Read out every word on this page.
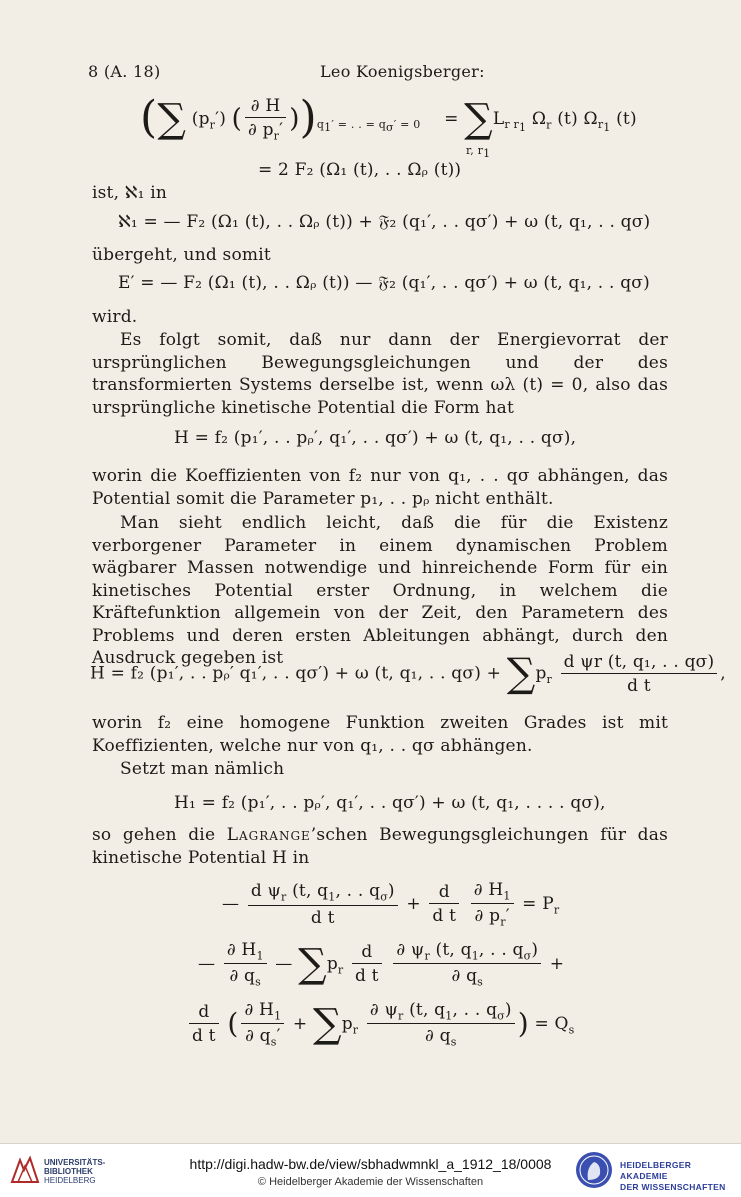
8 (A. 18)	Leo Koenigsberger:
(∑ $(p_r')$ ( $\frac{\partial H}{\partial p_r'} ))_{q_1' = . . = q_\sigma' = 0} = \sum L_{r r_1}$ $\Omega_r$ (t) $\Omega_{r_1}$ (t)
r, $r_1$
= 2 F₂ (Ω₁ (t), . . Ωᵨ (t))
ist, ℵ₁ in
ℵ₁ = — F₂ (Ω₁ (t), . . Ωᵨ (t)) + 𝔉₂ (q₁′, . . qσ′) + ω (t, q₁, . . qσ)
übergeht, und somit
E′ = — F₂ (Ω₁ (t), . . Ωᵨ (t)) — 𝔉₂ (q₁′, . . qσ′) + ω (t, q₁, . . qσ)
wird.

Es folgt somit, daß nur dann der Energievorrat der ursprünglichen Bewegungsgleichungen und der des transformierten Systems derselbe ist, wenn ωλ (t) = 0, also das ursprüngliche kinetische Potential die Form hat

H = f₂ (p₁′, . . pᵨ′, q₁′, . . qσ′) + ω (t, q₁, . . qσ),

worin die Koeffizienten von f₂ nur von q₁, . . qσ abhängen, das Potential somit die Parameter p₁, . . pᵨ nicht enthält.

Man sieht endlich leicht, daß die für die Existenz verborgener Parameter in einem dynamischen Problem wägbarer Massen notwendige und hinreichende Form für ein kinetisches Potential erster Ordnung, in welchem die Kräftefunktion allgemein von der Zeit, den Parametern des Problems und deren ersten Ableitungen abhängt, durch den Ausdruck gegeben ist

H = f₂ (p₁′, . . pᵨ′ q₁′, . . qσ′) + ω (t, q₁, . . $q\sigma) + \sum p_r \frac{\text{d ψr (t, q₁, . . qσ)}}{\text{d t}}$ ,

worin f₂ eine homogene Funktion zweiten Grades ist mit Koeffizienten, welche nur von q₁, . . qσ abhängen.

Setzt man nämlich

H₁ = f₂ (p₁′, . . pᵨ′, q₁′, . . qσ′) + ω (t, q₁, . . . . qσ),

so gehen die Lagrange’schen Bewegungsgleichungen für das kinetische Potential H in

— $\frac{d \psi_r (t, q_1, . . q_\sigma)}{\text{d t}} + \frac{d}{\text{d t}}$
$\frac{\partial H_1}{\partial p_r'} = P_r$
— $\frac{\partial H_1}{\partial q_s}$ — $\sum p_r \frac{d}{\text{d t}}$
$\frac{\partial \psi_r (t, q_1, . . q_\sigma)}{\partial q_s}$ +
$\frac{d}{\text{d t}}$ ( $\frac{\partial H_1}{\partial q_s'} + \sum p_r \frac{\partial \psi_r (t, q_1, . . q_\sigma)}{\partial q_s}$ ) = $Q_s$
UNIVERSITÄTS-
BIBLIOTHEK
HEIDELBERG
http://digi.hadw-bw.de/view/sbhadwmnkl_a_1912_18/0008
© Heidelberger Akademie der Wissenschaften
HEIDELBERGER AKADEMIE
DER WISSENSCHAFTEN
